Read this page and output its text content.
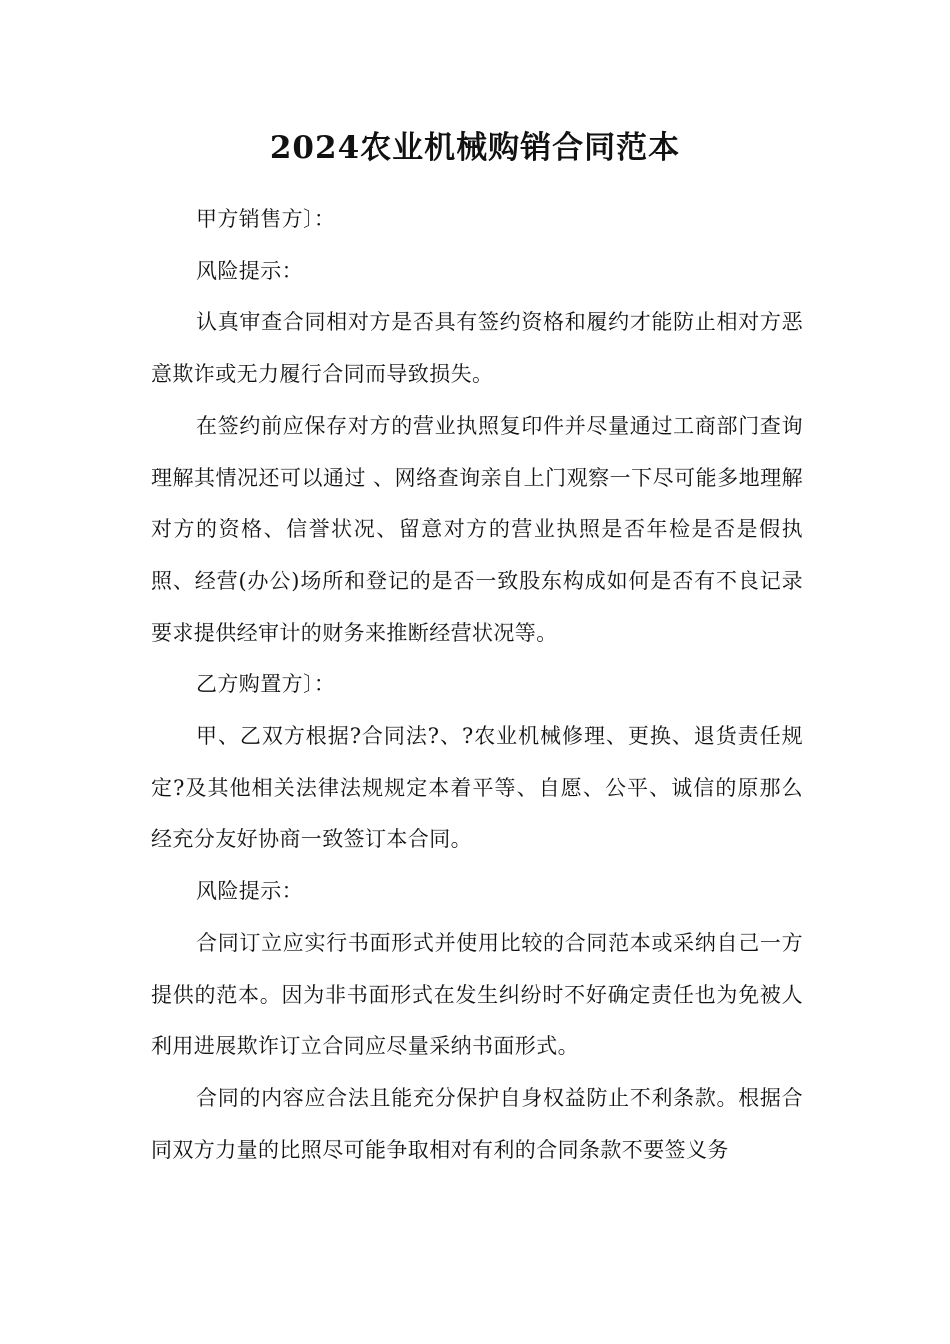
2024农业机械购销合同范本

甲方销售方〕：

风险提示：

认真审查合同相对方是否具有签约资格和履约才能防止相对方恶意欺诈或无力履行合同而导致损失。

在签约前应保存对方的营业执照复印件并尽量通过工商部门查询理解其情况还可以通过 、网络查询亲自上门观察一下尽可能多地理解对方的资格、信誉状况、留意对方的营业执照是否年检是否是假执照、经营(办公)场所和登记的是否一致股东构成如何是否有不良记录要求提供经审计的财务来推断经营状况等。

乙方购置方〕：

甲、乙双方根据?合同法?、?农业机械修理、更换、退货责任规定?及其他相关法律法规规定本着平等、自愿、公平、诚信的原那么经充分友好协商一致签订本合同。

风险提示：

合同订立应实行书面形式并使用比较的合同范本或采纳自己一方提供的范本。因为非书面形式在发生纠纷时不好确定责任也为免被人利用进展欺诈订立合同应尽量采纳书面形式。

合同的内容应合法且能充分保护自身权益防止不利条款。根据合同双方力量的比照尽可能争取相对有利的合同条款不要签义务
